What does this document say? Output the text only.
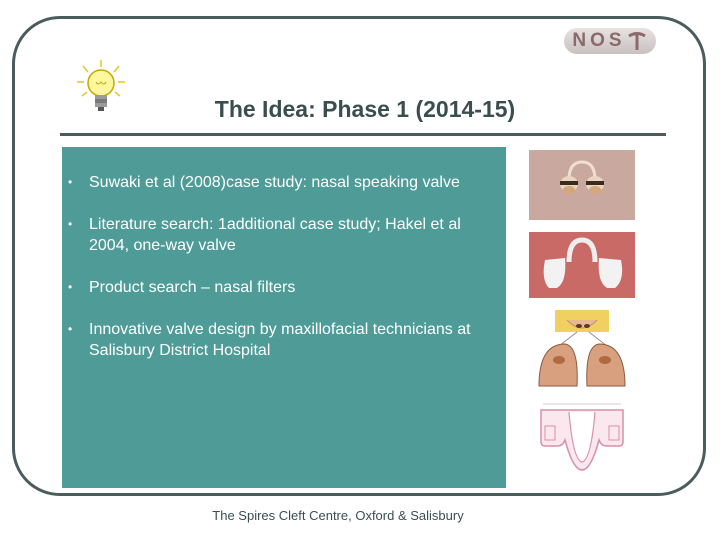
NOS
The Idea: Phase 1 (2014-15)
• Suwaki et al (2008)case study: nasal speaking valve
• Literature search: 1additional case study; Hakel et al 2004, one-way valve
• Product search – nasal filters
• Innovative valve design by maxillofacial technicians at Salisbury District Hospital
The Spires Cleft Centre, Oxford & Salisbury
